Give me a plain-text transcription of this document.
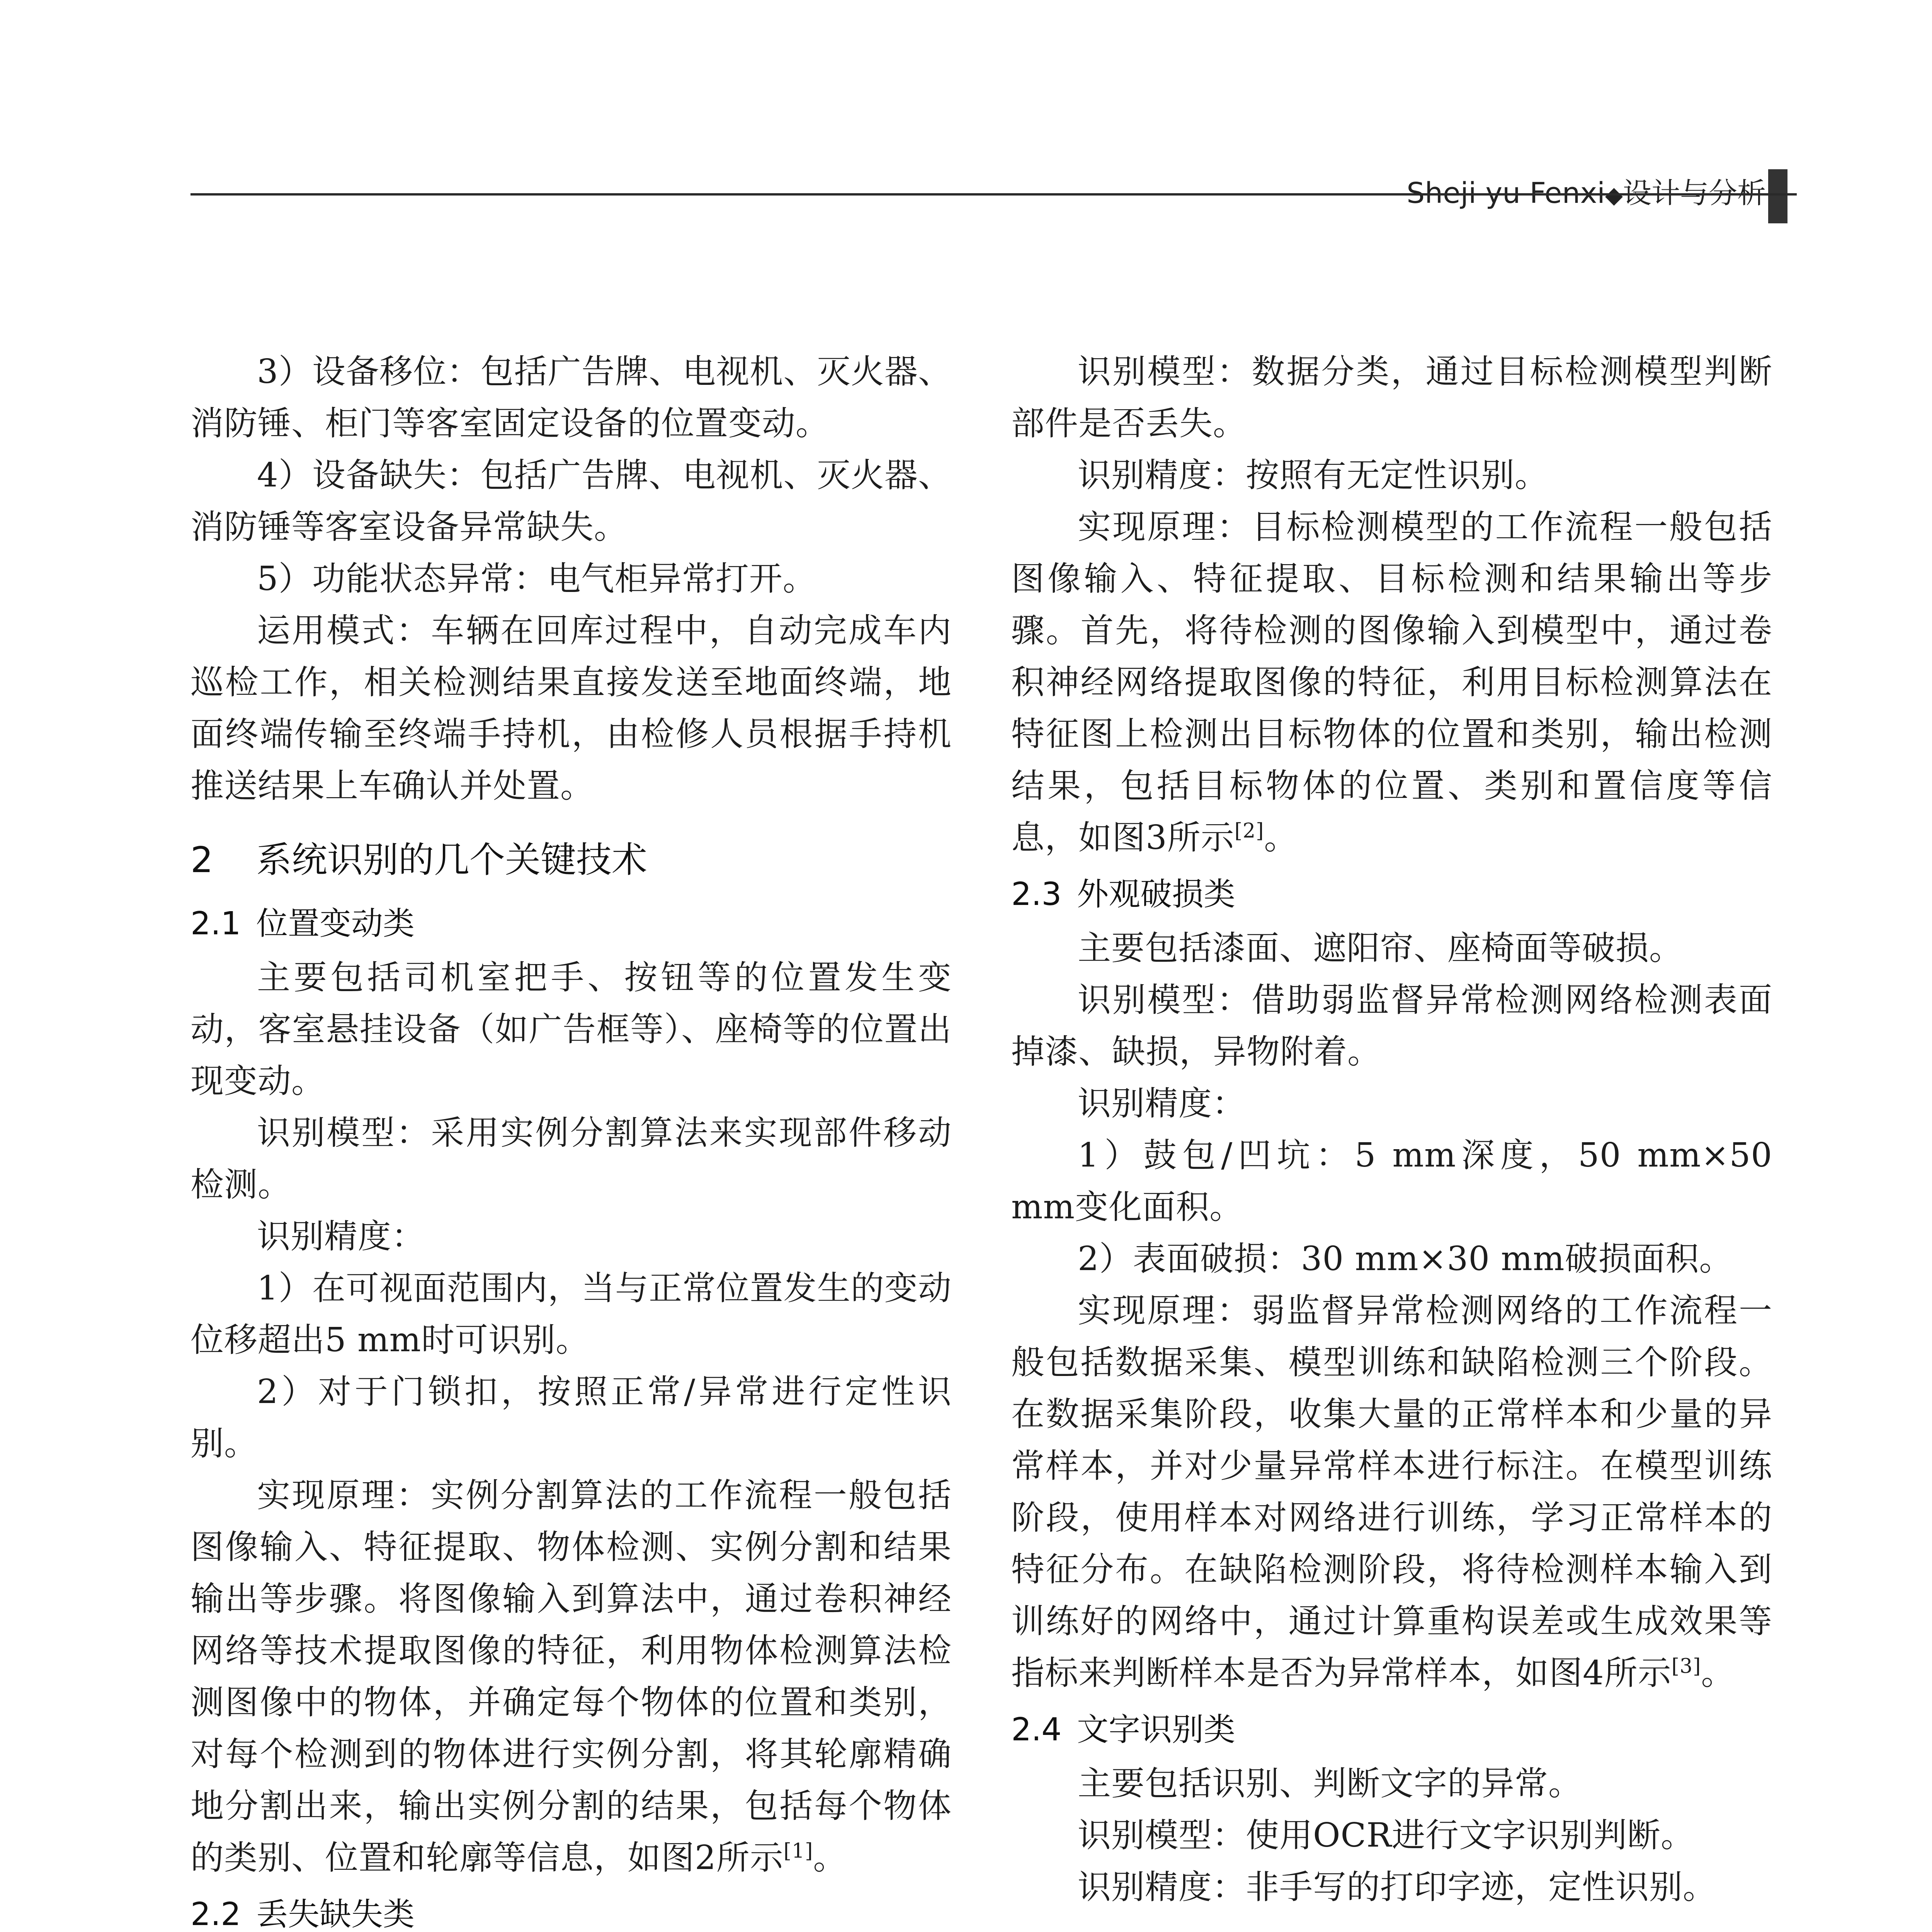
Sheji yu Fenxi◆设计与分析

3）设备移位：包括广告牌、电视机、灭火器、消防锤、柜门等客室固定设备的位置变动。

4）设备缺失：包括广告牌、电视机、灭火器、消防锤等客室设备异常缺失。

5）功能状态异常：电气柜异常打开。

运用模式：车辆在回库过程中，自动完成车内巡检工作，相关检测结果直接发送至地面终端，地面终端传输至终端手持机，由检修人员根据手持机推送结果上车确认并处置。

2 系统识别的几个关键技术
2.1 位置变动类

主要包括司机室把手、按钮等的位置发生变动，客室悬挂设备（如广告框等）、座椅等的位置出现变动。

识别模型：采用实例分割算法来实现部件移动检测。

识别精度：

1）在可视面范围内，当与正常位置发生的变动位移超出5 mm时可识别。

2）对于门锁扣，按照正常/异常进行定性识别。

实现原理：实例分割算法的工作流程一般包括图像输入、特征提取、物体检测、实例分割和结果输出等步骤。将图像输入到算法中，通过卷积神经网络等技术提取图像的特征，利用物体检测算法检测图像中的物体，并确定每个物体的位置和类别，对每个检测到的物体进行实例分割，将其轮廓精确地分割出来，输出实例分割的结果，包括每个物体的类别、位置和轮廓等信息，如图2所示[1]。

2.2 丢失缺失类

识别模型：数据分类，通过目标检测模型判断部件是否丢失。

识别精度：按照有无定性识别。

实现原理：目标检测模型的工作流程一般包括图像输入、特征提取、目标检测和结果输出等步骤。首先，将待检测的图像输入到模型中，通过卷积神经网络提取图像的特征，利用目标检测算法在特征图上检测出目标物体的位置和类别，输出检测结果，包括目标物体的位置、类别和置信度等信息，如图3所示[2]。

2.3 外观破损类

主要包括漆面、遮阳帘、座椅面等破损。

识别模型：借助弱监督异常检测网络检测表面掉漆、缺损，异物附着。

识别精度：

1）鼓包/凹坑：5 mm深度，50 mm×50 mm变化面积。

2）表面破损：30 mm×30 mm破损面积。

实现原理：弱监督异常检测网络的工作流程一般包括数据采集、模型训练和缺陷检测三个阶段。在数据采集阶段，收集大量的正常样本和少量的异常样本，并对少量异常样本进行标注。在模型训练阶段，使用样本对网络进行训练，学习正常样本的特征分布。在缺陷检测阶段，将待检测样本输入到训练好的网络中，通过计算重构误差或生成效果等指标来判断样本是否为异常样本，如图4所示[3]。

2.4 文字识别类

主要包括识别、判断文字的异常。

识别模型：使用OCR进行文字识别判断。

识别精度：非手写的打印字迹，定性识别。
